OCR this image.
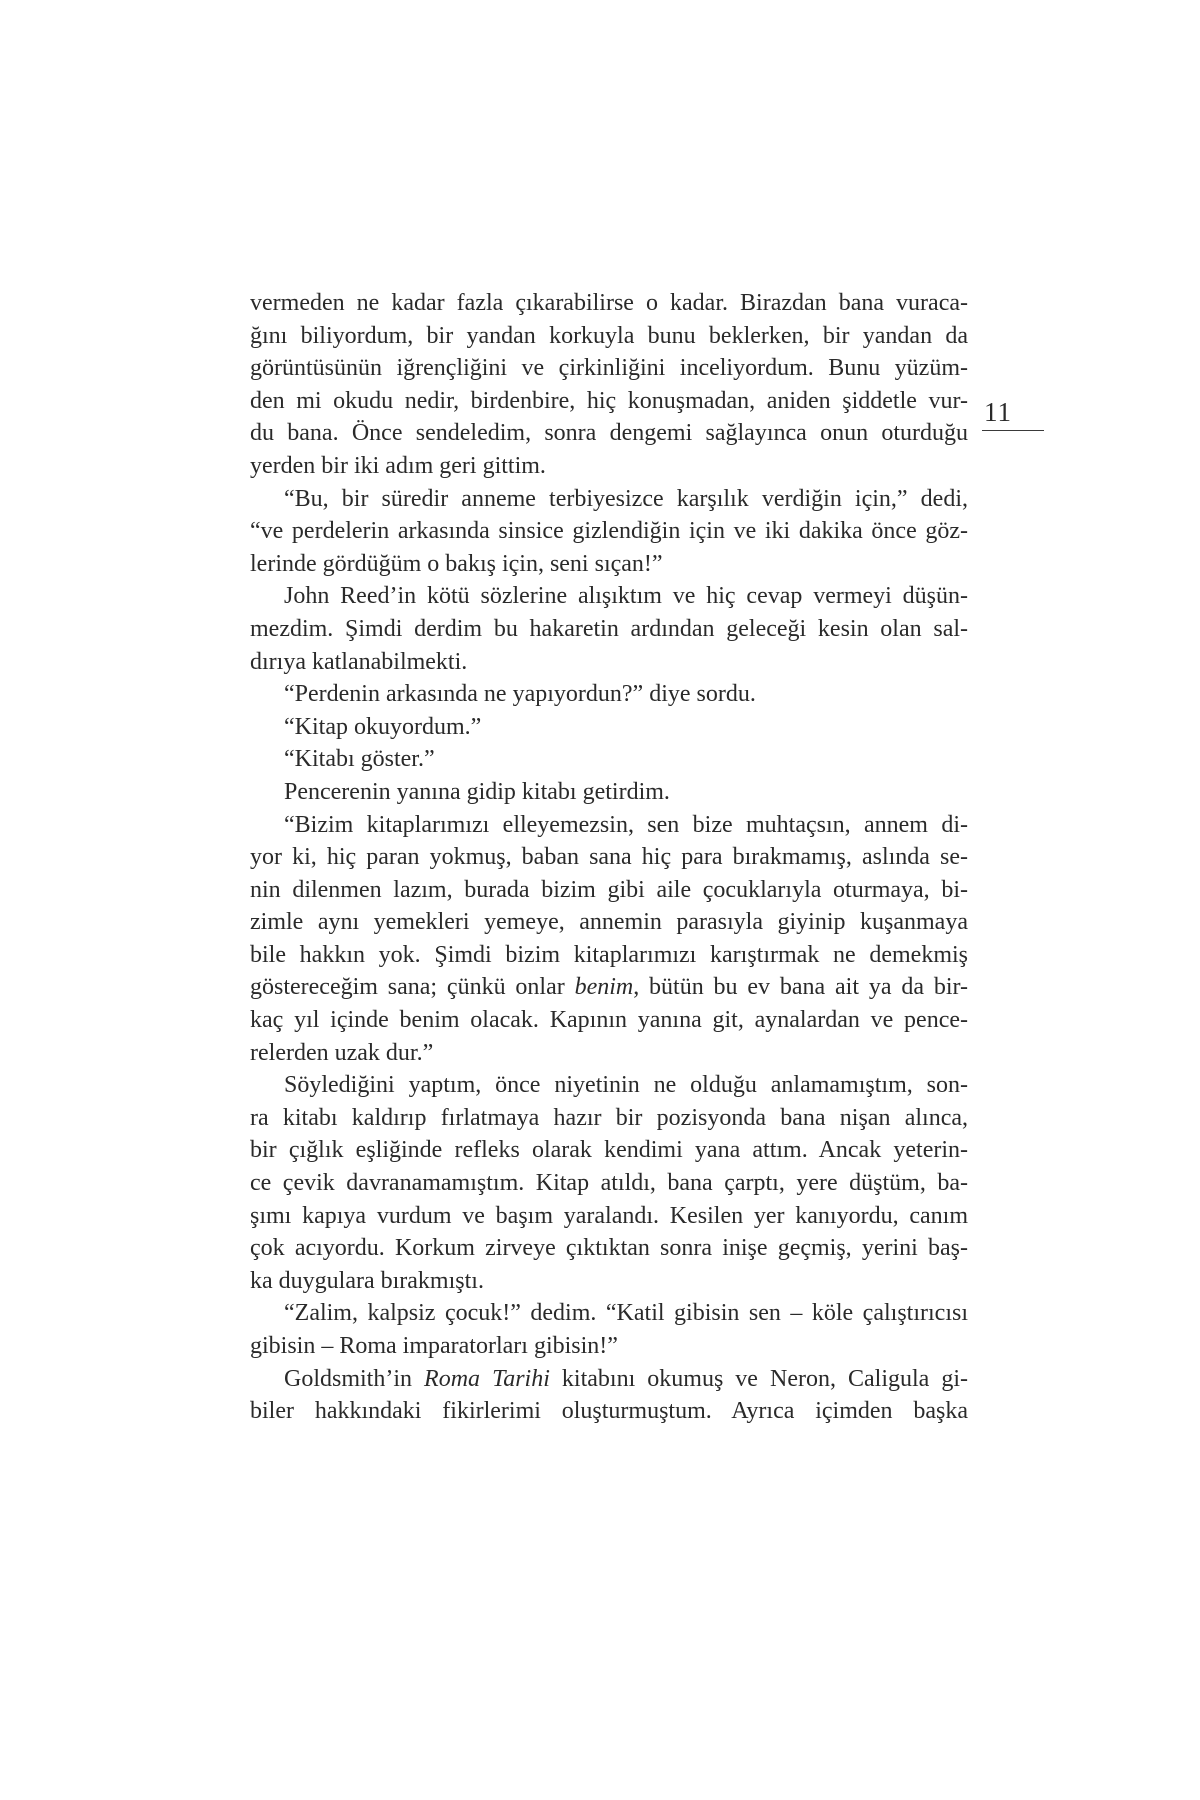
vermeden ne kadar fazla çıkarabilirse o kadar. Birazdan bana vuraca-
ğını biliyordum, bir yandan korkuyla bunu beklerken, bir yandan da
görüntüsünün iğrençliğini ve çirkinliğini inceliyordum. Bunu yüzüm-
den mi okudu nedir, birdenbire, hiç konuşmadan, aniden şiddetle vur-
du bana. Önce sendeledim, sonra dengemi sağlayınca onun oturduğu
yerden bir iki adım geri gittim.
“Bu, bir süredir anneme terbiyesizce karşılık verdiğin için,” dedi,
“ve perdelerin arkasında sinsice gizlendiğin için ve iki dakika önce göz-
lerinde gördüğüm o bakış için, seni sıçan!”
John Reed’in kötü sözlerine alışıktım ve hiç cevap vermeyi düşün-
mezdim. Şimdi derdim bu hakaretin ardından geleceği kesin olan sal-
dırıya katlanabilmekti.
“Perdenin arkasında ne yapıyordun?” diye sordu.
“Kitap okuyordum.”
“Kitabı göster.”
Pencerenin yanına gidip kitabı getirdim.
“Bizim kitaplarımızı elleyemezsin, sen bize muhtaçsın, annem di-
yor ki, hiç paran yokmuş, baban sana hiç para bırakmamış, aslında se-
nin dilenmen lazım, burada bizim gibi aile çocuklarıyla oturmaya, bi-
zimle aynı yemekleri yemeye, annemin parasıyla giyinip kuşanmaya
bile hakkın yok. Şimdi bizim kitaplarımızı karıştırmak ne demekmiş
göstereceğim sana; çünkü onlar benim, bütün bu ev bana ait ya da bir-
kaç yıl içinde benim olacak. Kapının yanına git, aynalardan ve pence-
relerden uzak dur.”
Söylediğini yaptım, önce niyetinin ne olduğu anlamamıştım, son-
ra kitabı kaldırıp fırlatmaya hazır bir pozisyonda bana nişan alınca,
bir çığlık eşliğinde refleks olarak kendimi yana attım. Ancak yeterin-
ce çevik davranamamıştım. Kitap atıldı, bana çarptı, yere düştüm, ba-
şımı kapıya vurdum ve başım yaralandı. Kesilen yer kanıyordu, canım
çok acıyordu. Korkum zirveye çıktıktan sonra inişe geçmiş, yerini baş-
ka duygulara bırakmıştı.
“Zalim, kalpsiz çocuk!” dedim. “Katil gibisin sen – köle çalıştırıcısı
gibisin – Roma imparatorları gibisin!”
Goldsmith’in Roma Tarihi kitabını okumuş ve Neron, Caligula gi-
biler hakkındaki fikirlerimi oluşturmuştum. Ayrıca içimden başka
11
